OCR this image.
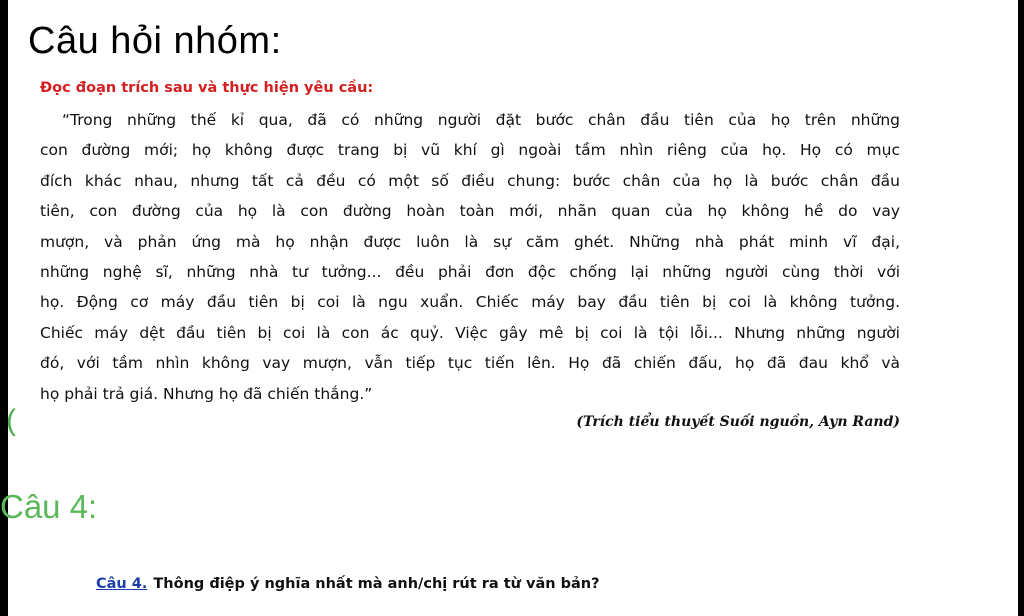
Câu hỏi nhóm:
Đọc đoạn trích sau và thực hiện yêu cầu:
“Trong những thế kỉ qua, đã có những người đặt bước chân đầu tiên của họ trên những
con đường mới; họ không được trang bị vũ khí gì ngoài tầm nhìn riêng của họ. Họ có mục
đích khác nhau, nhưng tất cả đều có một số điều chung: bước chân của họ là bước chân đầu
tiên, con đường của họ là con đường hoàn toàn mới, nhãn quan của họ không hề do vay
mượn, và phản ứng mà họ nhận được luôn là sự căm ghét. Những nhà phát minh vĩ đại,
những nghệ sĩ, những nhà tư tưởng... đều phải đơn độc chống lại những người cùng thời với
họ. Động cơ máy đầu tiên bị coi là ngu xuẩn. Chiếc máy bay đầu tiên bị coi là không tưởng.
Chiếc máy dệt đầu tiên bị coi là con ác quỷ. Việc gây mê bị coi là tội lỗi... Nhưng những người
đó, với tầm nhìn không vay mượn, vẫn tiếp tục tiến lên. Họ đã chiến đấu, họ đã đau khổ và
họ phải trả giá. Nhưng họ đã chiến thắng.”
(Trích tiểu thuyết Suối nguồn, Ayn Rand)
(
Câu 4:
Câu 4. Thông điệp ý nghĩa nhất mà anh/chị rút ra từ văn bản?
